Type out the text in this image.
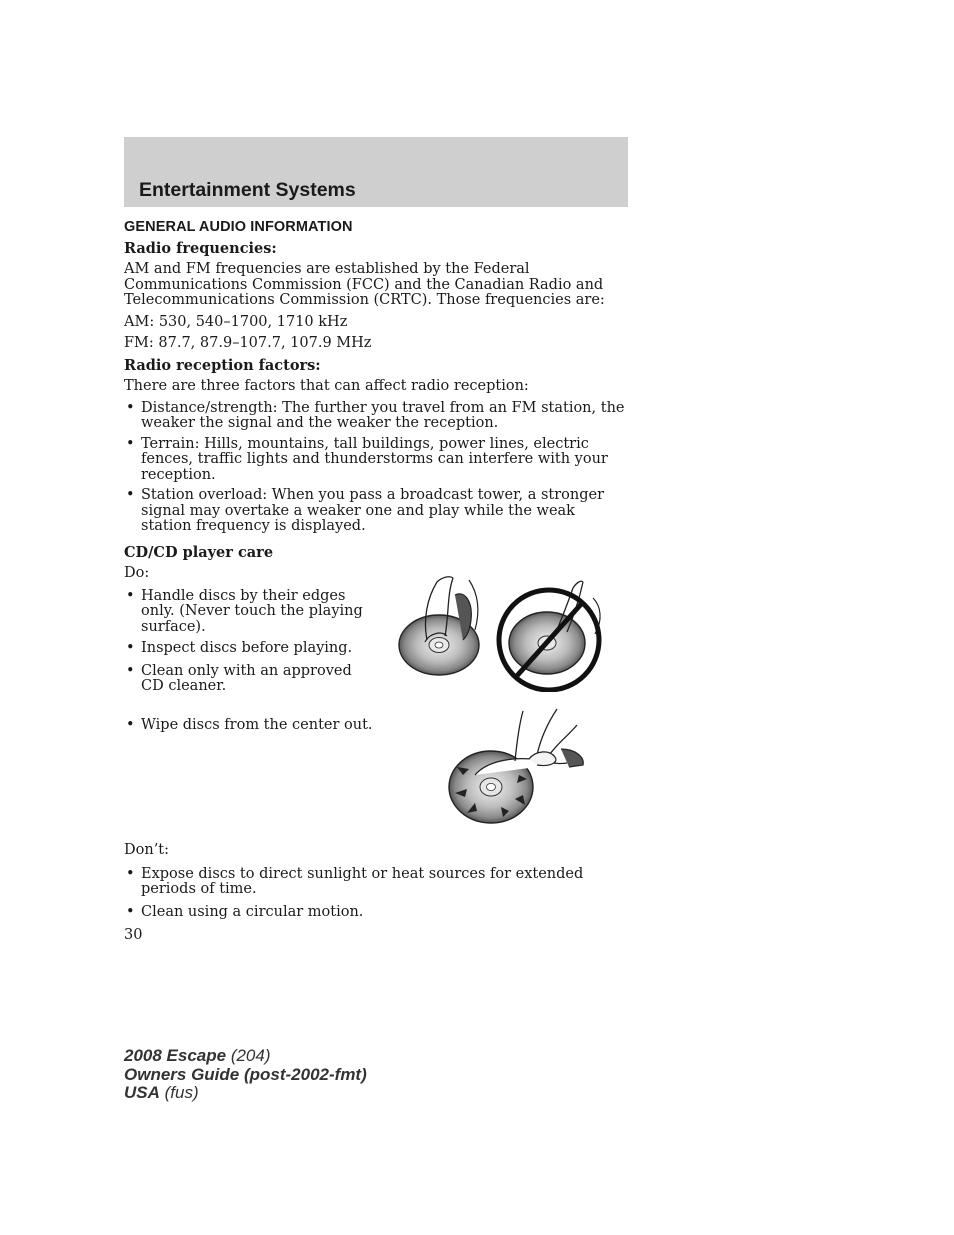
Entertainment Systems
GENERAL AUDIO INFORMATION
Radio frequencies:
AM and FM frequencies are established by the Federal Communications Commission (FCC) and the Canadian Radio and Telecommunications Commission (CRTC). Those frequencies are:
AM: 530, 540–1700, 1710 kHz
FM: 87.7, 87.9–107.7, 107.9 MHz
Radio reception factors:
There are three factors that can affect radio reception:
• Distance/strength: The further you travel from an FM station, the weaker the signal and the weaker the reception.
• Terrain: Hills, mountains, tall buildings, power lines, electric fences, traffic lights and thunderstorms can interfere with your reception.
• Station overload: When you pass a broadcast tower, a stronger signal may overtake a weaker one and play while the weak station frequency is displayed.
CD/CD player care
Do:
• Handle discs by their edges only. (Never touch the playing surface).
• Inspect discs before playing.
• Clean only with an approved CD cleaner.
• Wipe discs from the center out.
Don’t:
• Expose discs to direct sunlight or heat sources for extended periods of time.
• Clean using a circular motion.
30
2008 Escape (204)
Owners Guide (post-2002-fmt)
USA (fus)
